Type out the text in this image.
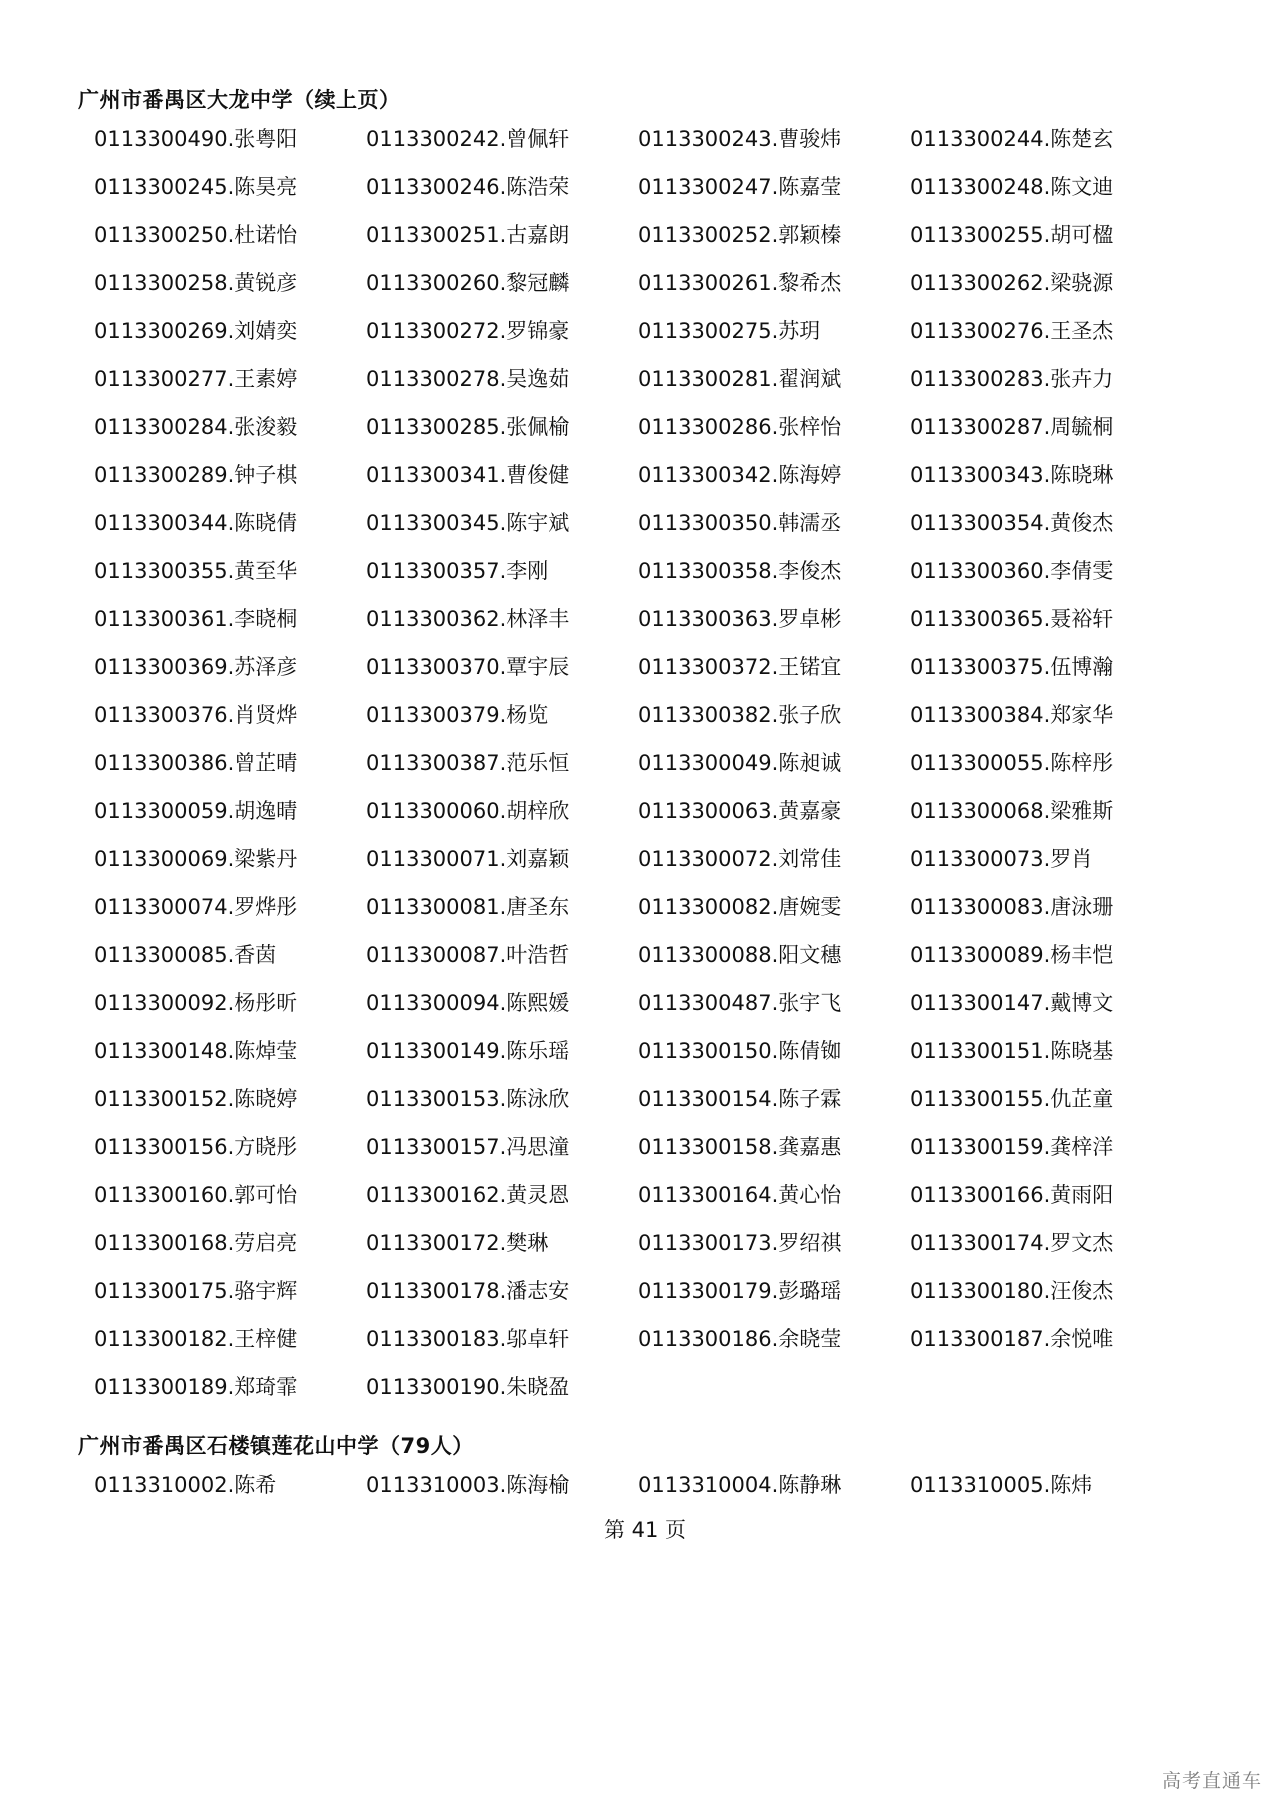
广州市番禺区大龙中学（续上页）
0113300490.张粤阳	0113300242.曾佩轩	0113300243.曹骏炜	0113300244.陈楚玄
0113300245.陈昊亮	0113300246.陈浩荣	0113300247.陈嘉莹	0113300248.陈文迪
0113300250.杜诺怡	0113300251.古嘉朗	0113300252.郭颖榛	0113300255.胡可楹
0113300258.黄锐彦	0113300260.黎冠麟	0113300261.黎希杰	0113300262.梁骁源
0113300269.刘婧奕	0113300272.罗锦豪	0113300275.苏玥	0113300276.王圣杰
0113300277.王素婷	0113300278.吴逸茹	0113300281.翟润斌	0113300283.张卉力
0113300284.张浚毅	0113300285.张佩榆	0113300286.张梓怡	0113300287.周毓桐
0113300289.钟子棋	0113300341.曹俊健	0113300342.陈海婷	0113300343.陈晓琳
0113300344.陈晓倩	0113300345.陈宇斌	0113300350.韩濡丞	0113300354.黄俊杰
0113300355.黄至华	0113300357.李刚	0113300358.李俊杰	0113300360.李倩雯
0113300361.李晓桐	0113300362.林泽丰	0113300363.罗卓彬	0113300365.聂裕轩
0113300369.苏泽彦	0113300370.覃宇辰	0113300372.王锘宜	0113300375.伍博瀚
0113300376.肖贤烨	0113300379.杨览	0113300382.张子欣	0113300384.郑家华
0113300386.曾芷晴	0113300387.范乐恒	0113300049.陈昶诚	0113300055.陈梓彤
0113300059.胡逸晴	0113300060.胡梓欣	0113300063.黄嘉豪	0113300068.梁雅斯
0113300069.梁紫丹	0113300071.刘嘉颖	0113300072.刘常佳	0113300073.罗肖
0113300074.罗烨彤	0113300081.唐圣东	0113300082.唐婉雯	0113300083.唐泳珊
0113300085.香茵	0113300087.叶浩哲	0113300088.阳文穗	0113300089.杨丰恺
0113300092.杨彤昕	0113300094.陈熙媛	0113300487.张宇飞	0113300147.戴博文
0113300148.陈焯莹	0113300149.陈乐瑶	0113300150.陈倩铷	0113300151.陈晓基
0113300152.陈晓婷	0113300153.陈泳欣	0113300154.陈子霖	0113300155.仇芷童
0113300156.方晓彤	0113300157.冯思潼	0113300158.龚嘉惠	0113300159.龚梓洋
0113300160.郭可怡	0113300162.黄灵恩	0113300164.黄心怡	0113300166.黄雨阳
0113300168.劳启亮	0113300172.樊琳	0113300173.罗绍祺	0113300174.罗文杰
0113300175.骆宇辉	0113300178.潘志安	0113300179.彭璐瑶	0113300180.汪俊杰
0113300182.王梓健	0113300183.邬卓轩	0113300186.余晓莹	0113300187.余悦唯
0113300189.郑琦霏	0113300190.朱晓盈
广州市番禺区石楼镇莲花山中学（79人）
0113310002.陈希	0113310003.陈海榆	0113310004.陈静琳	0113310005.陈炜
第 41 页
高考直通车
